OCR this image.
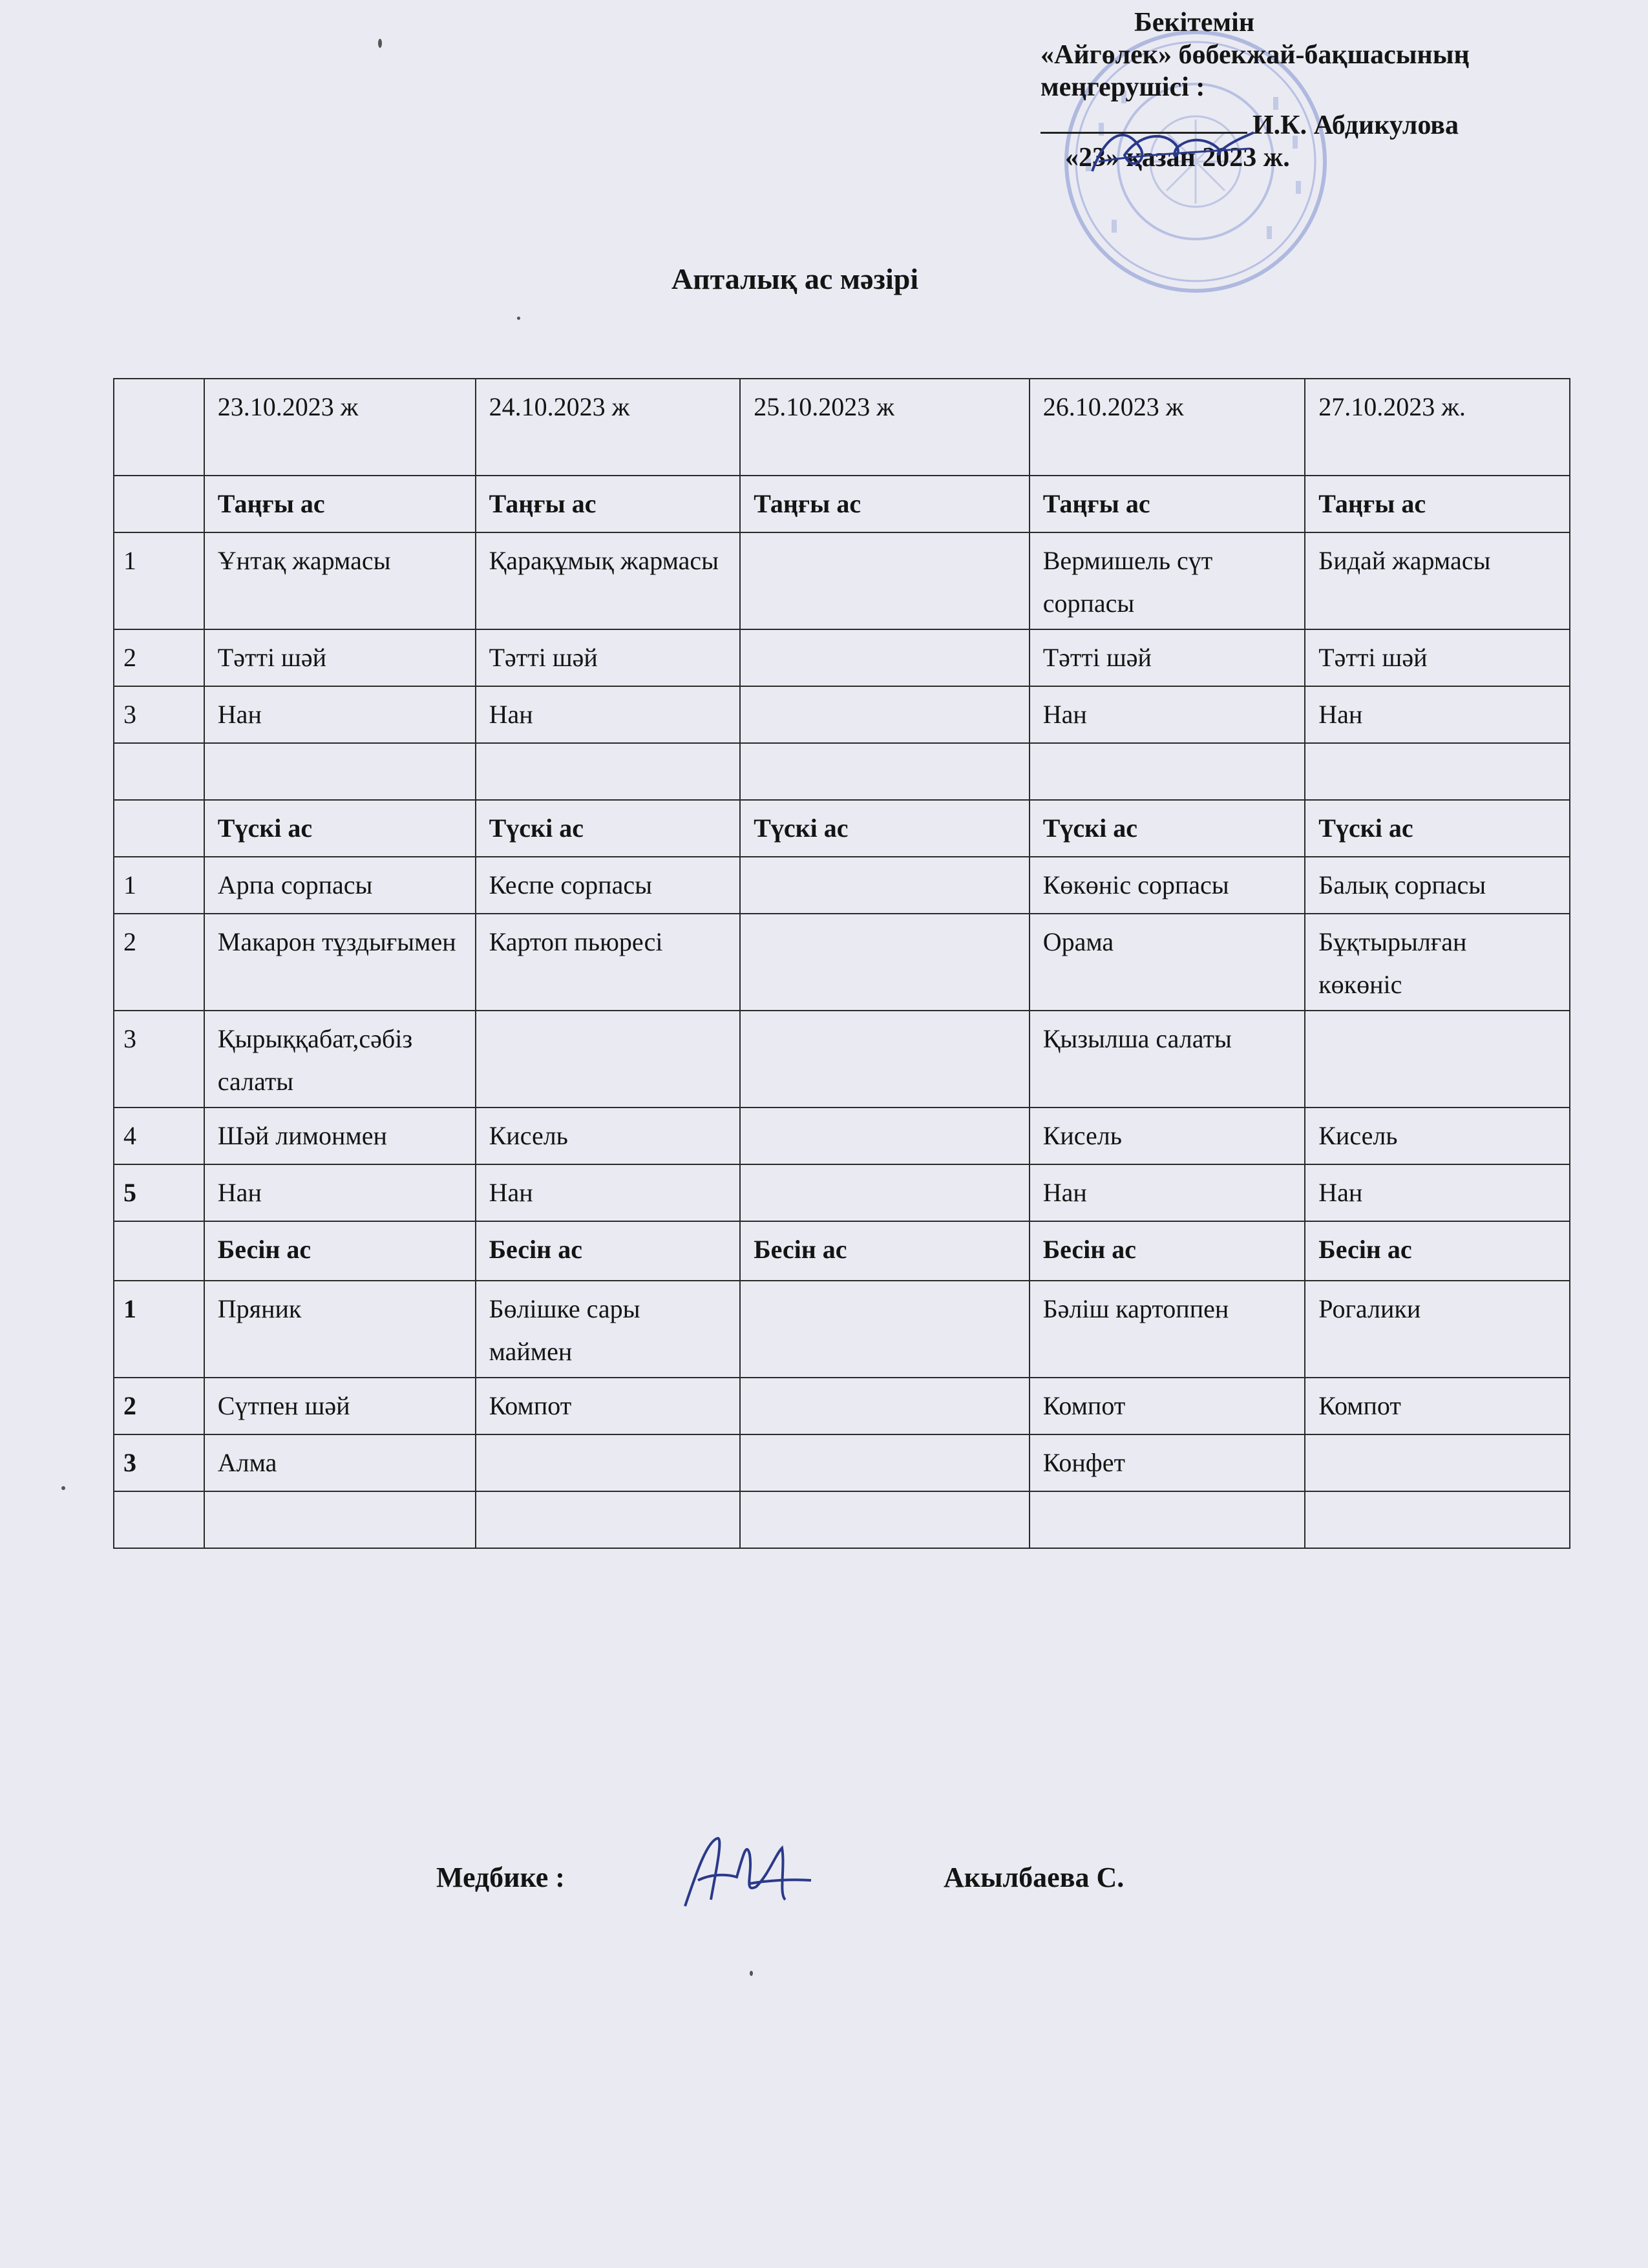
Бекітемін
«Айгөлек» бөбекжай-бақшасының
меңгерушісі :
И.К. Абдикулова
«23» қазан 2023 ж.
Апталық ас мәзірі
	23.10.2023 ж	24.10.2023 ж	25.10.2023 ж	26.10.2023 ж	27.10.2023 ж.
	Таңғы ас	Таңғы ас	Таңғы ас	Таңғы ас	Таңғы ас
1	Ұнтақ жармасы	Қарақұмық жармасы		Вермишель сүт сорпасы	Бидай жармасы
2	Тәтті шәй	Тәтті шәй		Тәтті шәй	Тәтті шәй
3	Нан	Нан		Нан	Нан

	Түскі ас	Түскі ас	Түскі ас	Түскі ас	Түскі ас
1	Арпа сорпасы	Кеспе сорпасы		Көкөніс сорпасы	Балық сорпасы
2	Макарон тұздығымен	Картоп пьюресі		Орама	Бұқтырылған көкөніс
3	Қырыққабат,сәбіз салаты			Қызылша салаты	
4	Шәй лимонмен	Кисель		Кисель	Кисель
5	Нан	Нан		Нан	Нан
	Бесін ас	Бесін ас	Бесін ас	Бесін ас	Бесін ас
1	Пряник	Бөлішке сары маймен		Бәліш картоппен	Рогалики
2	Сүтпен шәй	Компот		Компот	Компот
3	Алма			Конфет	

Медбике :	Акылбаева С.
